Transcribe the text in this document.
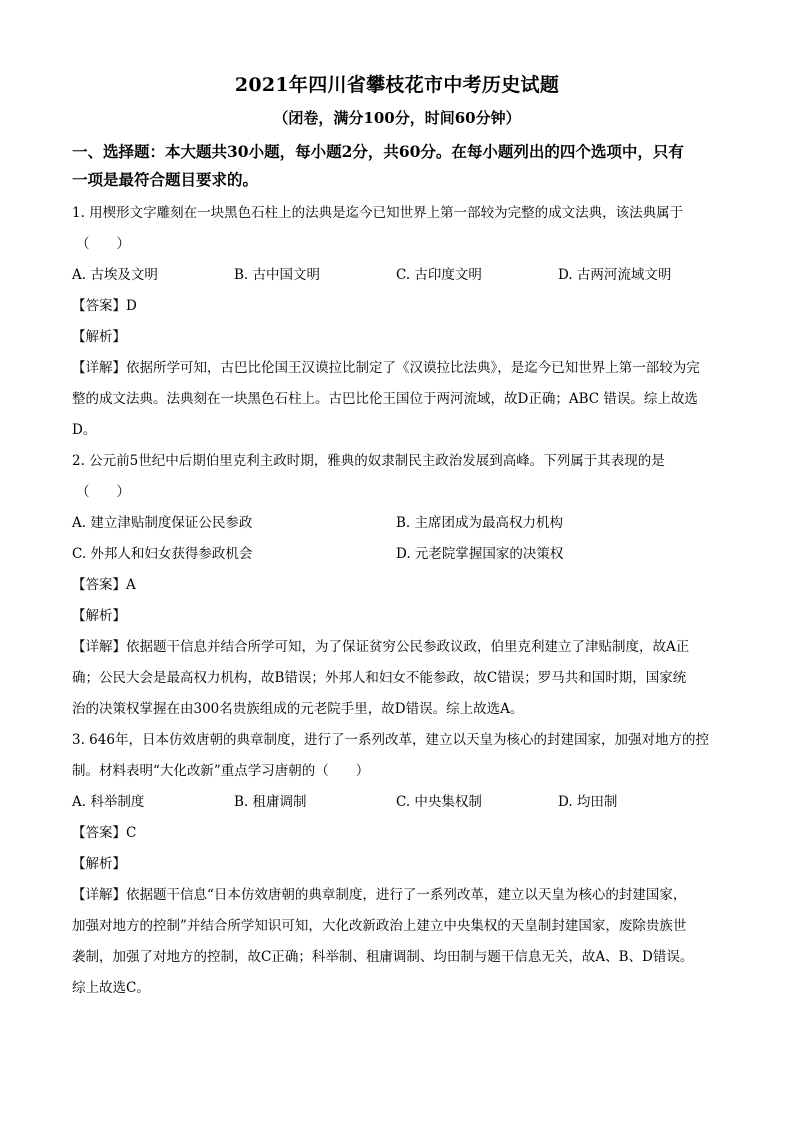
2021年四川省攀枝花市中考历史试题
（闭卷，满分100分，时间60分钟）
一、选择题：本大题共30小题，每小题2分，共60分。在每小题列出的四个选项中，只有
一项是最符合题目要求的。
1. 用楔形文字雕刻在一块黑色石柱上的法典是迄今已知世界上第一部较为完整的成文法典，该法典属于
（　　）
A. 古埃及文明	B. 古中国文明	C. 古印度文明	D. 古两河流域文明
【答案】D
【解析】
【详解】依据所学可知，古巴比伦国王汉谟拉比制定了《汉谟拉比法典》，是迄今已知世界上第一部较为完
整的成文法典。法典刻在一块黑色石柱上。古巴比伦王国位于两河流域，故D正确；ABC 错误。综上故选
D。
2. 公元前5世纪中后期伯里克利主政时期，雅典的奴隶制民主政治发展到高峰。下列属于其表现的是
（　　）
A. 建立津贴制度保证公民参政	B. 主席团成为最高权力机构
C. 外邦人和妇女获得参政机会	D. 元老院掌握国家的决策权
【答案】A
【解析】
【详解】依据题干信息并结合所学可知，为了保证贫穷公民参政议政，伯里克利建立了津贴制度，故A正
确；公民大会是最高权力机构，故B错误；外邦人和妇女不能参政，故C错误；罗马共和国时期，国家统
治的决策权掌握在由300名贵族组成的元老院手里，故D错误。综上故选A。
3. 646年，日本仿效唐朝的典章制度，进行了一系列改革，建立以天皇为核心的封建国家，加强对地方的控
制。材料表明“大化改新”重点学习唐朝的（　　）
A. 科举制度	B. 租庸调制	C. 中央集权制	D. 均田制
【答案】C
【解析】
【详解】依据题干信息“日本仿效唐朝的典章制度，进行了一系列改革，建立以天皇为核心的封建国家，
加强对地方的控制”并结合所学知识可知，大化改新政治上建立中央集权的天皇制封建国家，废除贵族世
袭制，加强了对地方的控制，故C正确；科举制、租庸调制、均田制与题干信息无关，故A、B、D错误。
综上故选C。
